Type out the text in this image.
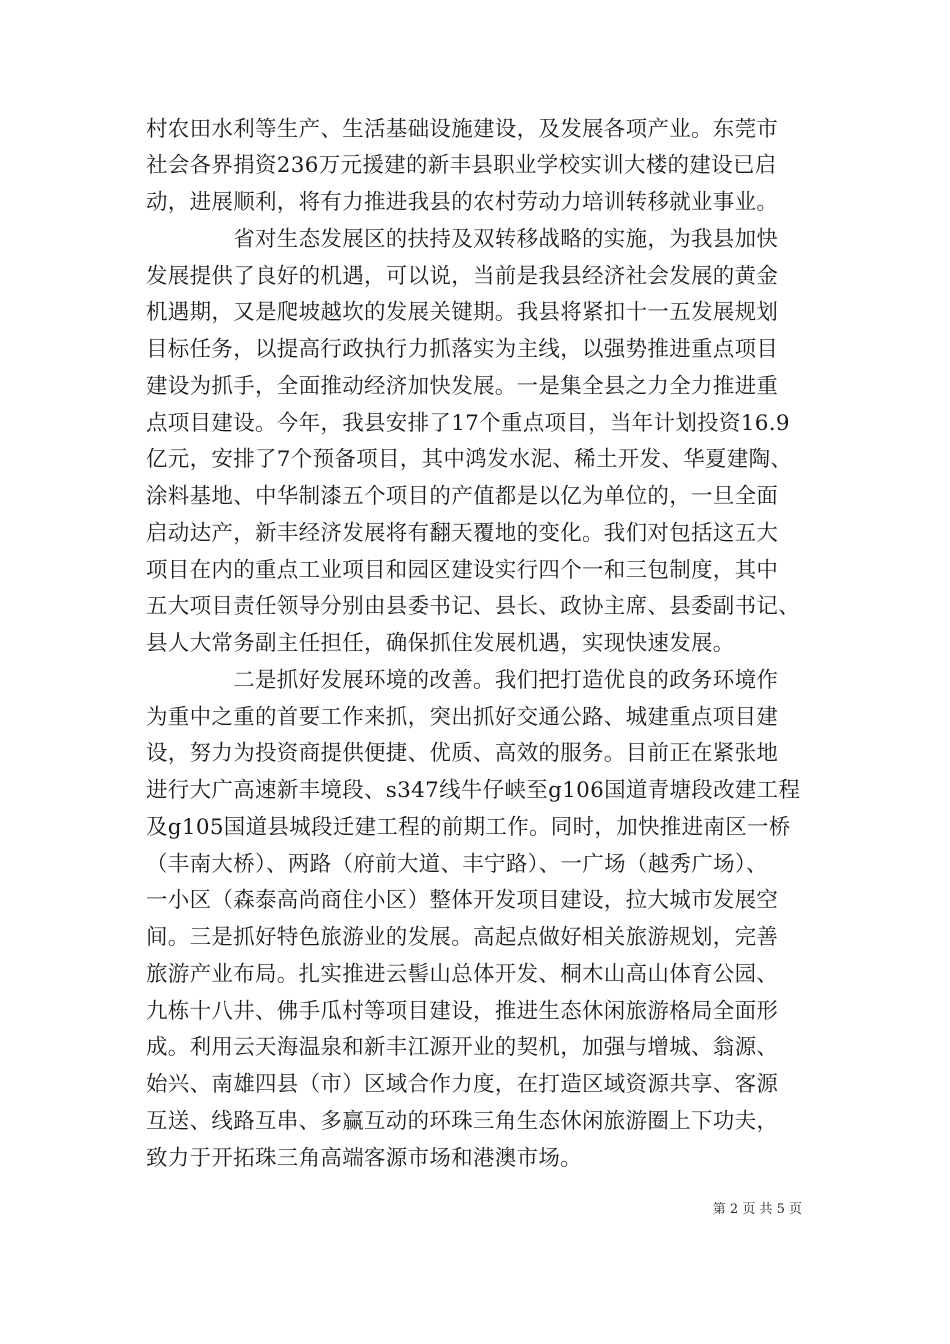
村农田水利等生产、生活基础设施建设，及发展各项产业。东莞市
社会各界捐资236万元援建的新丰县职业学校实训大楼的建设已启
动，进展顺利，将有力推进我县的农村劳动力培训转移就业事业。
　　　　省对生态发展区的扶持及双转移战略的实施，为我县加快
发展提供了良好的机遇，可以说，当前是我县经济社会发展的黄金
机遇期，又是爬坡越坎的发展关键期。我县将紧扣十一五发展规划
目标任务，以提高行政执行力抓落实为主线，以强势推进重点项目
建设为抓手，全面推动经济加快发展。一是集全县之力全力推进重
点项目建设。今年，我县安排了17个重点项目，当年计划投资16.9
亿元，安排了7个预备项目，其中鸿发水泥、稀土开发、华夏建陶、
涂料基地、中华制漆五个项目的产值都是以亿为单位的，一旦全面
启动达产，新丰经济发展将有翻天覆地的变化。我们对包括这五大
项目在内的重点工业项目和园区建设实行四个一和三包制度，其中
五大项目责任领导分别由县委书记、县长、政协主席、县委副书记、
县人大常务副主任担任，确保抓住发展机遇，实现快速发展。
　　　　二是抓好发展环境的改善。我们把打造优良的政务环境作
为重中之重的首要工作来抓，突出抓好交通公路、城建重点项目建
设，努力为投资商提供便捷、优质、高效的服务。目前正在紧张地
进行大广高速新丰境段、s347线牛仔峡至g106国道青塘段改建工程
及g105国道县城段迁建工程的前期工作。同时，加快推进南区一桥
（丰南大桥）、两路（府前大道、丰宁路）、一广场（越秀广场）、
一小区（森泰高尚商住小区）整体开发项目建设，拉大城市发展空
间。三是抓好特色旅游业的发展。高起点做好相关旅游规划，完善
旅游产业布局。扎实推进云髻山总体开发、桐木山高山体育公园、
九栋十八井、佛手瓜村等项目建设，推进生态休闲旅游格局全面形
成。利用云天海温泉和新丰江源开业的契机，加强与增城、翁源、
始兴、南雄四县（市）区域合作力度，在打造区域资源共享、客源
互送、线路互串、多赢互动的环珠三角生态休闲旅游圈上下功夫，
致力于开拓珠三角高端客源市场和港澳市场。
第 2 页 共 5 页
